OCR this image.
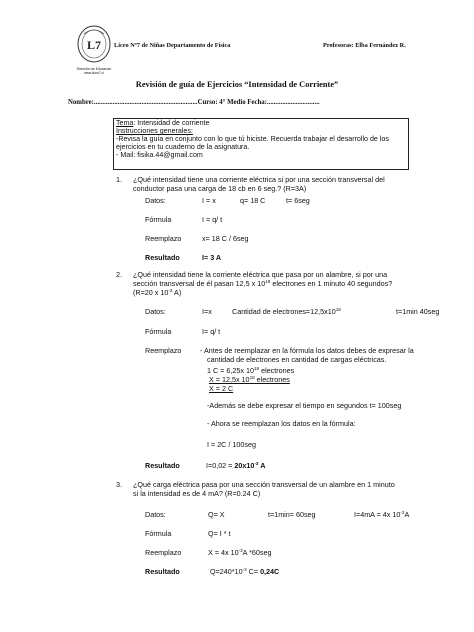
L7
Dirección de Educación
www.liceo7.cl
Liceo Nº7 de Niñas Departamento de Física	Profesoras: Elba Fernández R.
Revisión de guía de Ejercicios “Intensidad de Corriente”
Nombre:.............................................................Curso: 4° Medio Fecha:...............................
Tema: Intensidad de corriente
Instrucciones generales:
-Revisa la guía en conjunto con lo que tú hiciste. Recuerda trabajar el desarrollo de los
ejercicios en tu cuaderno de la asignatura.
- Mail: fisika.44@gmail.com
1. ¿Qué intensidad tiene una corriente eléctrica si por una sección transversal del
conductor pasa una carga de 18 cb en 6 seg.? (R=3A)
Datos:	I = x	q= 18 C	t= 6seg
Fórmula	I = q/ t
Reemplazo	x= 18 C / 6seg
Resultado	I= 3 A
2. ¿Qué intensidad tiene la corriente eléctrica que pasa por un alambre, si por una
sección transversal de él pasan 12,5 x $10^{18}$ electrones en 1 minuto 40 segundos?
(R=20 x $10^{-3}$ A)
Datos:	I=x	Cantidad de $electrones=12,5x10^{18}$	t=1min 40seg
Fórmula	I= q/ t
Reemplazo	- Antes de reemplazar en la fórmula los datos debes de expresar la
cantidad de electrones en cantidad de cargas eléctricas.
1 C = 6,25x $10^{18}$ electrones
X = 12,5x $10^{18}$ electrones
X = 2 C
-Además se debe expresar el tiempo en segundos t= 100seg
- Ahora se reemplazan los datos en la fórmula:
I = 2C / 100seg
Resultado	$I=0,02 = 20x10^{-3}$ A
3. ¿Qué carga eléctrica pasa por una sección transversal de un alambre en 1 minuto
si la intensidad es de 4 mA? (R=0.24 C)
Datos:	Q= X	t=1min= 60seg	I=4mA = 4x $10^{-3}A$
Fórmula	Q= I * t
Reemplazo	X = 4x $10^{-3}A$ *60seg
Resultado	$Q=240*10^{-3}$ C= 0,24C
